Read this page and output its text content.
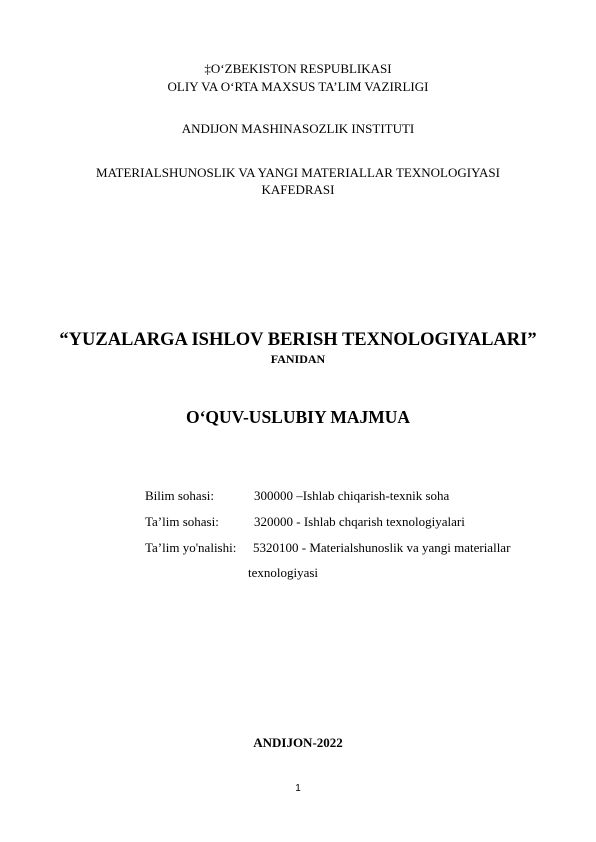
‡O‘ZBEKISTON RESPUBLIKASI
OLIY VA O‘RTA MAXSUS TA’LIM VAZIRLIGI
ANDIJON MASHINASOZLIK INSTITUTI
MATERIALSHUNOSLIK VA YANGI MATERIALLAR TEXNOLOGIYASI
KAFEDRASI
“YUZALARGA ISHLOV BERISH TEXNOLOGIYALARI”
FANIDAN
O‘QUV-USLUBIY MAJMUA
Bilim sohasi:	300000 –Ishlab chiqarish-texnik soha
Ta’lim sohasi:	320000 - Ishlab chqarish texnologiyalari
Ta’lim yo'nalishi: 5320100 - Materialshunoslik va yangi materiallar
texnologiyasi
ANDIJON-2022
1
